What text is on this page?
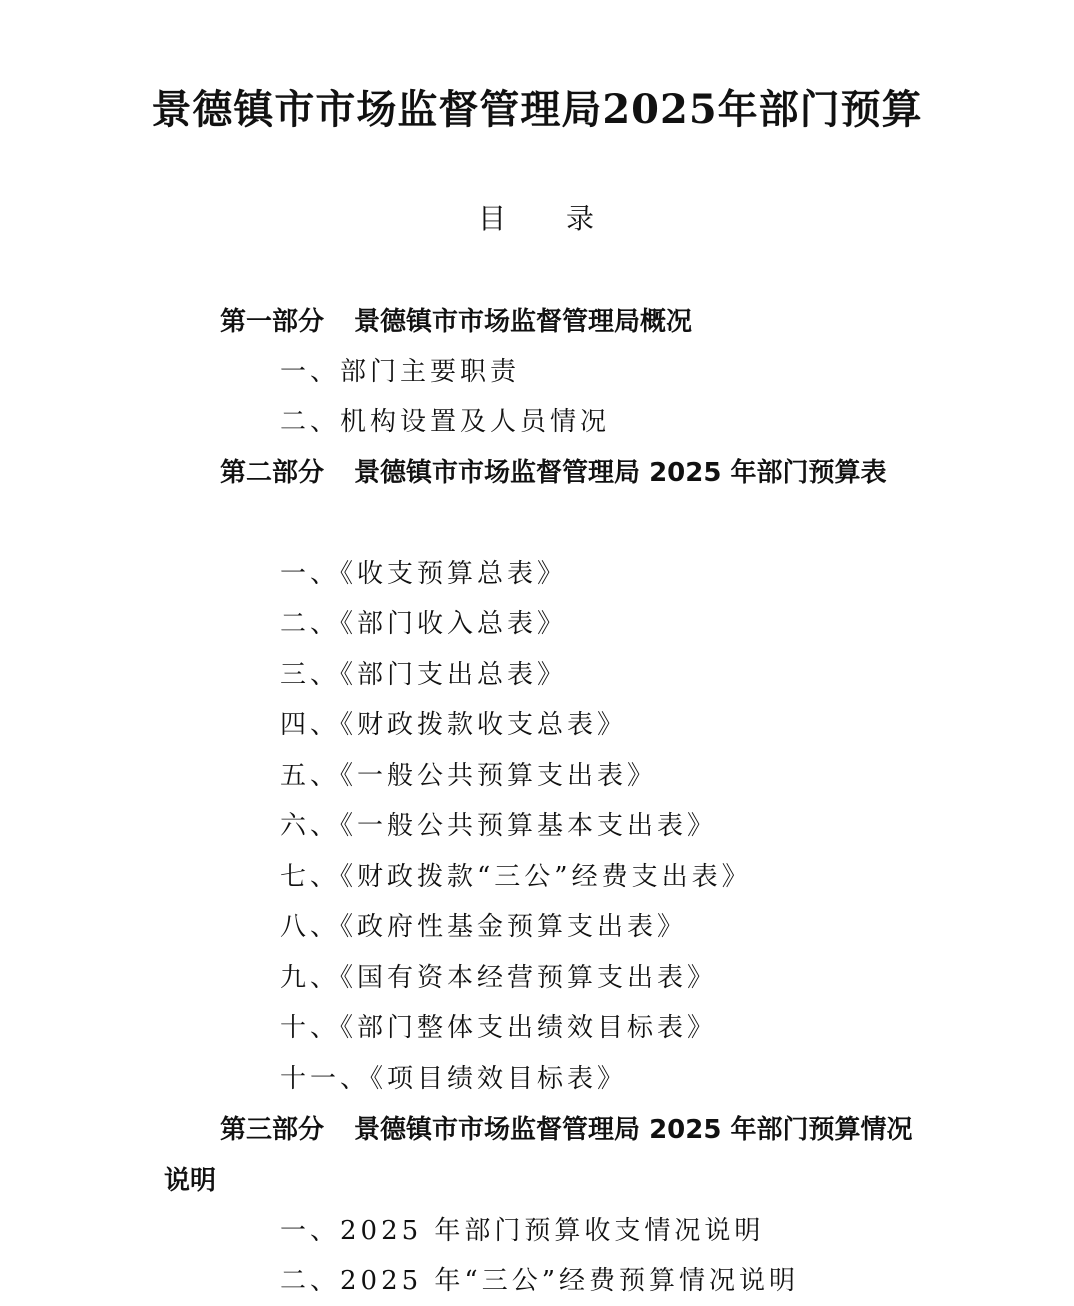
景德镇市市场监督管理局2025年部门预算
目 录
第一部分 景德镇市市场监督管理局概况
一、部门主要职责
二、机构设置及人员情况
第二部分 景德镇市市场监督管理局 2025 年部门预算表
一、《收支预算总表》
二、《部门收入总表》
三、《部门支出总表》
四、《财政拨款收支总表》
五、《一般公共预算支出表》
六、《一般公共预算基本支出表》
七、《财政拨款“三公”经费支出表》
八、《政府性基金预算支出表》
九、《国有资本经营预算支出表》
十、《部门整体支出绩效目标表》
十一、《项目绩效目标表》
第三部分 景德镇市市场监督管理局 2025 年部门预算情况说明
一、2025 年部门预算收支情况说明
二、2025 年“三公”经费预算情况说明
